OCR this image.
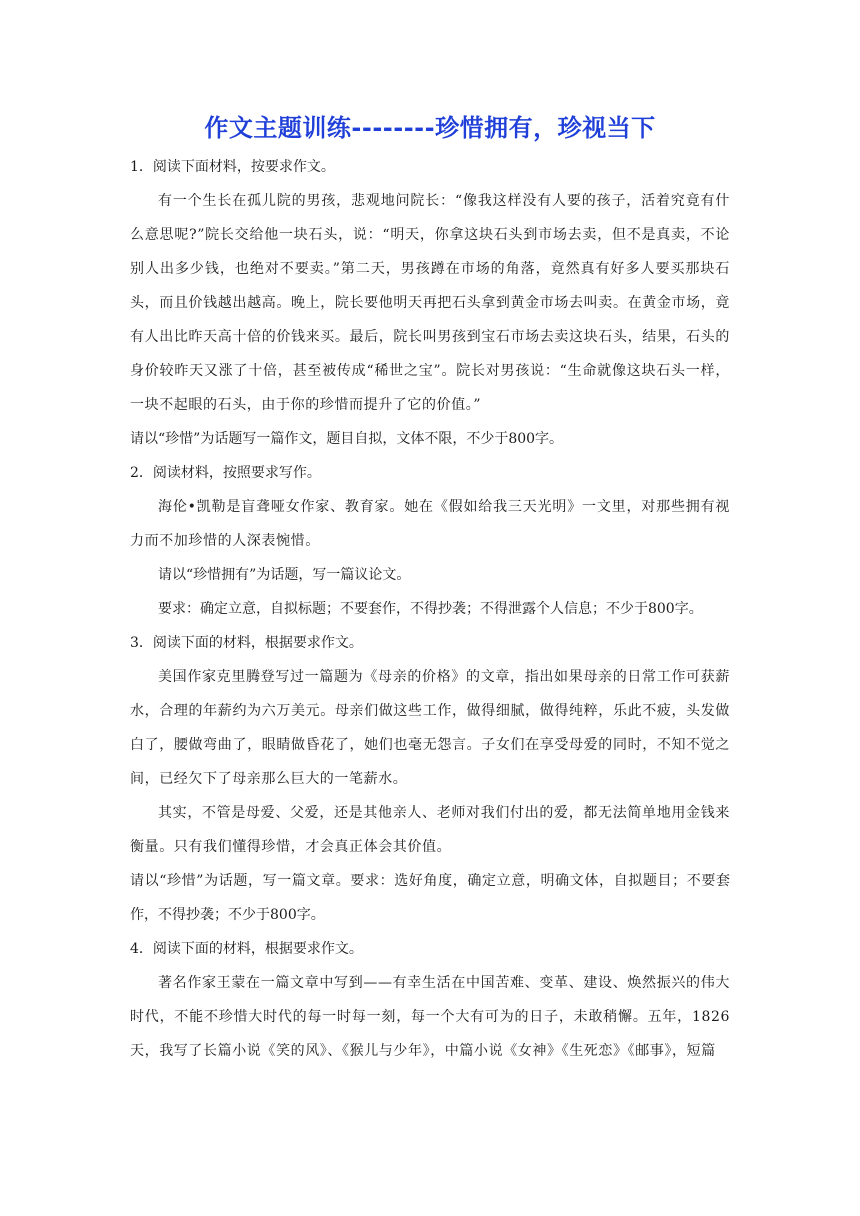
作文主题训练--------珍惜拥有，珍视当下

1．阅读下面材料，按要求作文。

有一个生长在孤儿院的男孩，悲观地问院长：“像我这样没有人要的孩子，活着究竟有什么意思呢?”院长交给他一块石头，说：“明天，你拿这块石头到市场去卖，但不是真卖，不论别人出多少钱，也绝对不要卖。”第二天，男孩蹲在市场的角落，竟然真有好多人要买那块石头，而且价钱越出越高。晚上，院长要他明天再把石头拿到黄金市场去叫卖。在黄金市场，竟有人出比昨天高十倍的价钱来买。最后，院长叫男孩到宝石市场去卖这块石头，结果，石头的身价较昨天又涨了十倍，甚至被传成“稀世之宝”。院长对男孩说：“生命就像这块石头一样，一块不起眼的石头，由于你的珍惜而提升了它的价值。”

请以“珍惜”为话题写一篇作文，题目自拟，文体不限，不少于800字。

2．阅读材料，按照要求写作。

海伦•凯勒是盲聋哑女作家、教育家。她在《假如给我三天光明》一文里，对那些拥有视力而不加珍惜的人深表惋惜。

请以“珍惜拥有”为话题，写一篇议论文。

要求：确定立意，自拟标题；不要套作，不得抄袭；不得泄露个人信息；不少于800字。

3．阅读下面的材料，根据要求作文。

美国作家克里腾登写过一篇题为《母亲的价格》的文章，指出如果母亲的日常工作可获薪水，合理的年薪约为六万美元。母亲们做这些工作，做得细腻，做得纯粹，乐此不疲，头发做白了，腰做弯曲了，眼睛做昏花了，她们也毫无怨言。子女们在享受母爱的同时，不知不觉之间，已经欠下了母亲那么巨大的一笔薪水。

其实，不管是母爱、父爱，还是其他亲人、老师对我们付出的爱，都无法简单地用金钱来衡量。只有我们懂得珍惜，才会真正体会其价值。

请以“珍惜”为话题，写一篇文章。要求：选好角度，确定立意，明确文体，自拟题目；不要套作，不得抄袭；不少于800字。

4．阅读下面的材料，根据要求作文。

著名作家王蒙在一篇文章中写到——有幸生活在中国苦难、变革、建设、焕然振兴的伟大时代，不能不珍惜大时代的每一时每一刻，每一个大有可为的日子，未敢稍懈。五年，1826天，我写了长篇小说《笑的风》、《猴儿与少年》，中篇小说《女神》《生死恋》《邮事》，短篇
